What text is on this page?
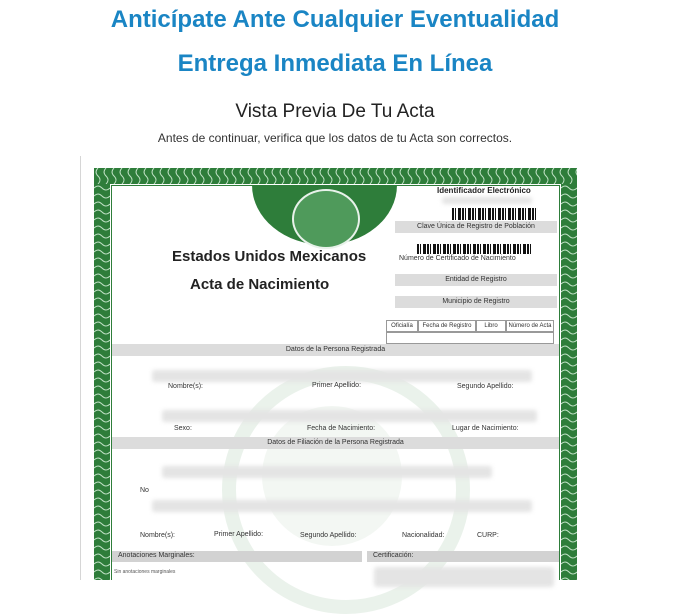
Anticípate Ante Cualquier Eventualidad
Entrega Inmediata En Línea
Vista Previa De Tu Acta
Antes de continuar, verifica que los datos de tu Acta son correctos.
Identificador Electrónico
Clave Única de Registro de Población
Número de Certificado de Nacimiento
Entidad de Registro
Municipio de Registro
Oficialía	Fecha de Registro	Libro	Número de Acta
Estados Unidos Mexicanos
Acta de Nacimiento
Datos de la Persona Registrada
Nombre(s):	Primer Apellido:	Segundo Apellido:
Sexo:	Fecha de Nacimiento:	Lugar de Nacimiento:
Datos de Filiación de la Persona Registrada
No
Nombre(s):	Primer Apellido:	Segundo Apellido:	Nacionalidad:	CURP:
Anotaciones Marginales:
Sin anotaciones marginales
Certificación:
